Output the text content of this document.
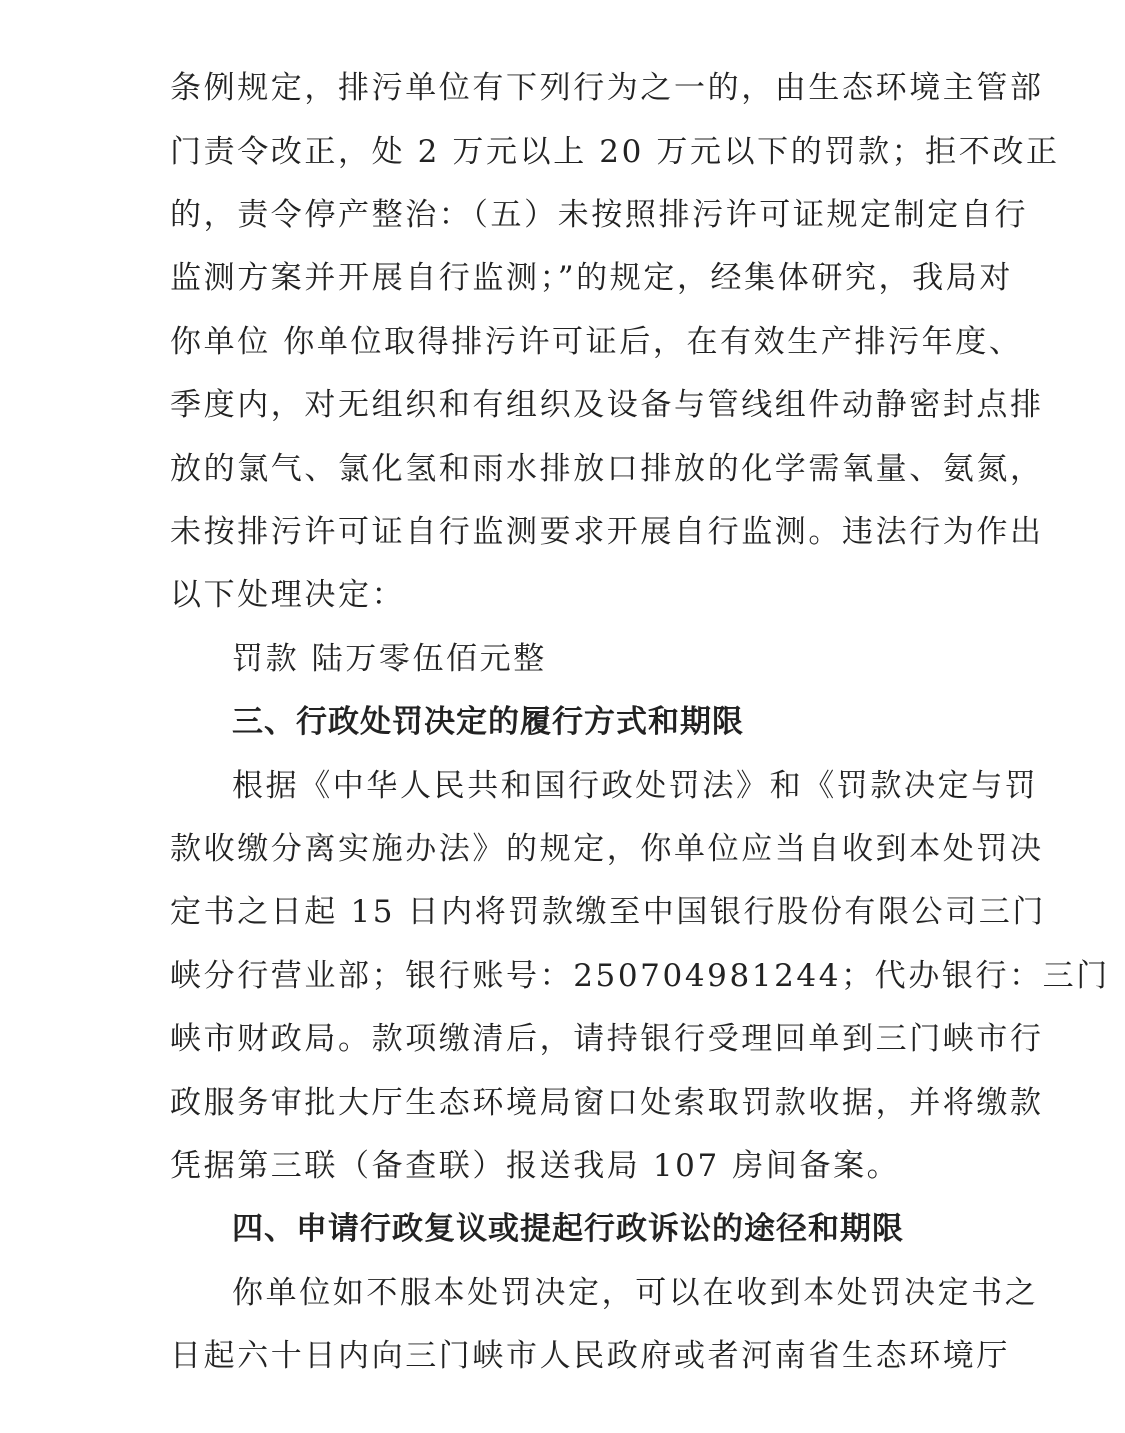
条例规定，排污单位有下列行为之一的，由生态环境主管部
门责令改正，处 2 万元以上 20 万元以下的罚款；拒不改正
的，责令停产整治：（五）未按照排污许可证规定制定自行
监测方案并开展自行监测；”的规定，经集体研究，我局对
你单位 你单位取得排污许可证后，在有效生产排污年度、
季度内，对无组织和有组织及设备与管线组件动静密封点排
放的氯气、氯化氢和雨水排放口排放的化学需氧量、氨氮，
未按排污许可证自行监测要求开展自行监测。违法行为作出
以下处理决定：
罚款 陆万零伍佰元整
三、行政处罚决定的履行方式和期限
根据《中华人民共和国行政处罚法》和《罚款决定与罚
款收缴分离实施办法》的规定，你单位应当自收到本处罚决
定书之日起 15 日内将罚款缴至中国银行股份有限公司三门
峡分行营业部；银行账号：250704981244；代办银行：三门
峡市财政局。款项缴清后，请持银行受理回单到三门峡市行
政服务审批大厅生态环境局窗口处索取罚款收据，并将缴款
凭据第三联（备查联）报送我局 107 房间备案。
四、申请行政复议或提起行政诉讼的途径和期限
你单位如不服本处罚决定，可以在收到本处罚决定书之
日起六十日内向三门峡市人民政府或者河南省生态环境厅
